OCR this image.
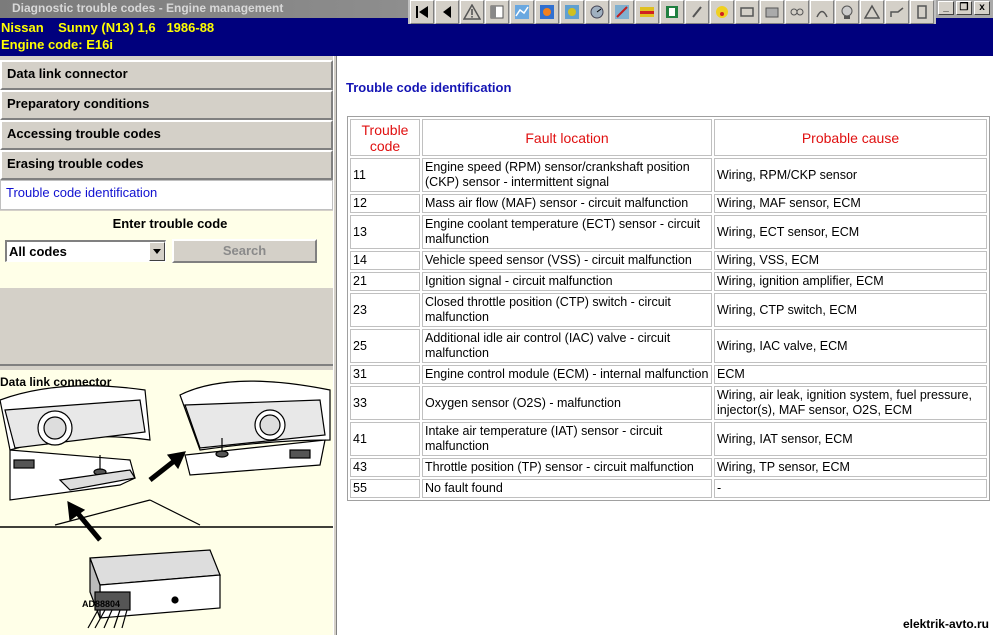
Diagnostic trouble codes - Engine management
Nissan    Sunny (N13) 1,6   1986-88
Engine code: E16i
_	❐	x
Data link connector
Preparatory conditions
Accessing trouble codes
Erasing trouble codes
Trouble code identification
Enter trouble code
All codes	Search
Data link connector
AD88804
Trouble code identification
Trouble code	Fault location	Probable cause
11	Engine speed (RPM) sensor/crankshaft position (CKP) sensor - intermittent signal	Wiring, RPM/CKP sensor
12	Mass air flow (MAF) sensor - circuit malfunction	Wiring, MAF sensor, ECM
13	Engine coolant temperature (ECT) sensor - circuit malfunction	Wiring, ECT sensor, ECM
14	Vehicle speed sensor (VSS) - circuit malfunction	Wiring, VSS, ECM
21	Ignition signal - circuit malfunction	Wiring, ignition amplifier, ECM
23	Closed throttle position (CTP) switch - circuit malfunction	Wiring, CTP switch, ECM
25	Additional idle air control (IAC) valve - circuit malfunction	Wiring, IAC valve, ECM
31	Engine control module (ECM) - internal malfunction	ECM
33	Oxygen sensor (O2S) - malfunction	Wiring, air leak, ignition system, fuel pressure, injector(s), MAF sensor, O2S, ECM
41	Intake air temperature (IAT) sensor - circuit malfunction	Wiring, IAT sensor, ECM
43	Throttle position (TP) sensor - circuit malfunction	Wiring, TP sensor, ECM
55	No fault found	-
elektrik-avto.ru
